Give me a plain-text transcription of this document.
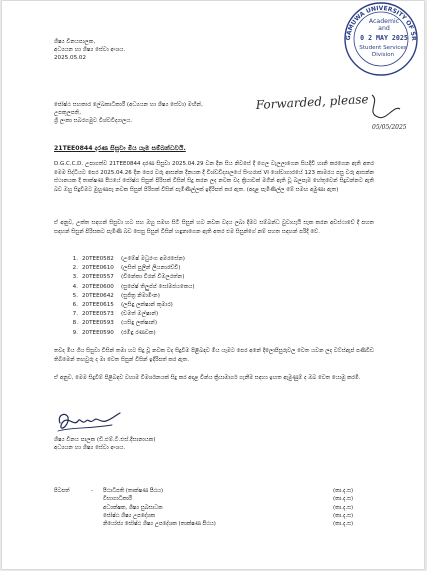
GAMUWA UNIVERSITY OF SR
Academic
and
0 2 MAY 2025
Student Services
Division
ශිෂ්‍ය විනයපාලක,
අධ්‍යයන හා ශිෂ්‍ය සේවා අංශය.
2025.05.02
ජෝෂ්ඨ සහකාර ලේඛකාධිකාරී (අධ්‍යයන හා ශිෂ්‍ය සේවා) මඟින්,
උපකුලපති,
ශ්‍රී ලංකා සබරගමුව විශ්වවිද්‍යාලය.
Forwarded, please
05/05/2025
21TEE0844 දරණ සිසුවා මිය යෑම සම්බන්ධවයි.
D.G.C.C.D. උපාගත්ව 21TEE0844 දරණ සිසුවා 2025.04.29 වන දින සිය නිවසේ දී ගෙල වැලලාගෙන සියදිවි හානි කරගෙන ඇති අතර මෙම සිද්ධියට පෙර 2025.04.26 දින පෙර වරු ආසන්න දිනයක දී විශ්වවිද්‍යාලයේ සිංහරාජ VI ශෝචාගාරයේ 123 කාමරය පසු වරු ආසන්න ස්ථානයක දී තාක්ෂණ පීඨයේ ජෝෂ්ඨ සිසුන් පිරිසක් විසින් සිදු කරන ලද නවක වද ක්‍රියාවක් මගින් ඇති වූ බලපෑම හේතුවෙන් සිදුවන්නට ඇති බව ඔහු සිදුවීමට මුහුණපෑ නවක සිසුන් පිරිසක් විසින් පැමිණිල්ලක් ඉදිරිපත් කර ඇත. (අදාළ පැමිණිල්ල මේ සමඟ අමුණා ඇත)
ඒ අනුව, උක්ත සඳහන් සිසුවා හට සහ ඔහු සමඟ සිටි සිසුන් හට නවක වදය ලබා දීමට සම්බන්ධ වුවායැයි සැක කරන අවස්ථාවේ දී පහත සඳහන් සිසුන් පිරිසකට පැමිණි බව සෙසු සිසුන් විසින් හඳුනාගෙන ඇති අතර එම සිසුන්ගේ නම් පහත සඳහන් පරිදි වේ.
1. 20TEE0582	(උමේෂ් මධුරංග අමරසේන)
2. 20TEE0610	(ලසිත් පුලින් ලියනාරච්චි)
3. 20TEE0557	(විනේකා විරන් විමලරත්න)
4. 20TEE0600	(සුපේෂ් තිලුප්ප් සෝමජයකෙය)
5. 20TEE0642	(සුජිත්‍ර නිමාමිංන)
6. 20TEE0615	(ලසිඳු ලක්ෂාන් කුමාර)
7. 20TEE0573	(චමත් මල්ෂාන්)
8. 20TEE0593	(යසිඳු ලක්ෂාන්)
9. 20TEE0590	(රමිඳු රණවක)
තවද මිය ගිය සිසුවා විසින් තමා හට සිදු වූ නවක වද සිදුවීම පිළිබඳව මිය යෑමට පෙර අනේ දිලොපිසුරුවල වෙත යවන ලද වට්ස්ඇප් පණිවිඩ තිබීමෙන් තහවුරු ද මා වෙත සිසුන් විසින් ඉදිරිපත් කර ඇත.
ඒ අනුව, මෙම සිදුවීම් පිළිබඳව වහාම විමර්ශනයක් සිදු කර අදාළ වින්ය ක්‍රියාමාර්ග ගැනීම සඳහා ඉහත ඇමුණුම් ද ඔබ වෙත යොමු කරමි.
ශිෂ්‍ය විනය පාලක (ඩී.එම්.ටී.එස්.දිසානායක)
අධ්‍යයන හා ශිෂ්‍ය සේවා අංශය.
පිටපත්	-	පීඨාධිපති (තාක්ෂණ පීඨය)	(කා.දැ.ස)
විභාගාධිකාරී	(කා.දැ.ස)
අධ්‍යක්ෂක, ශිෂ්‍ය සුබසාධක	(කා.දැ.ස)
ජෝෂ්ඨ ශිෂ්‍ය උපදේශක	(කා.දැ.ස)
නියෝජ්‍ය ජෝෂ්ඨ ශිෂ්‍ය උපදේශක (තාක්ෂණ පීඨය)	(කා.දැ.ස)
